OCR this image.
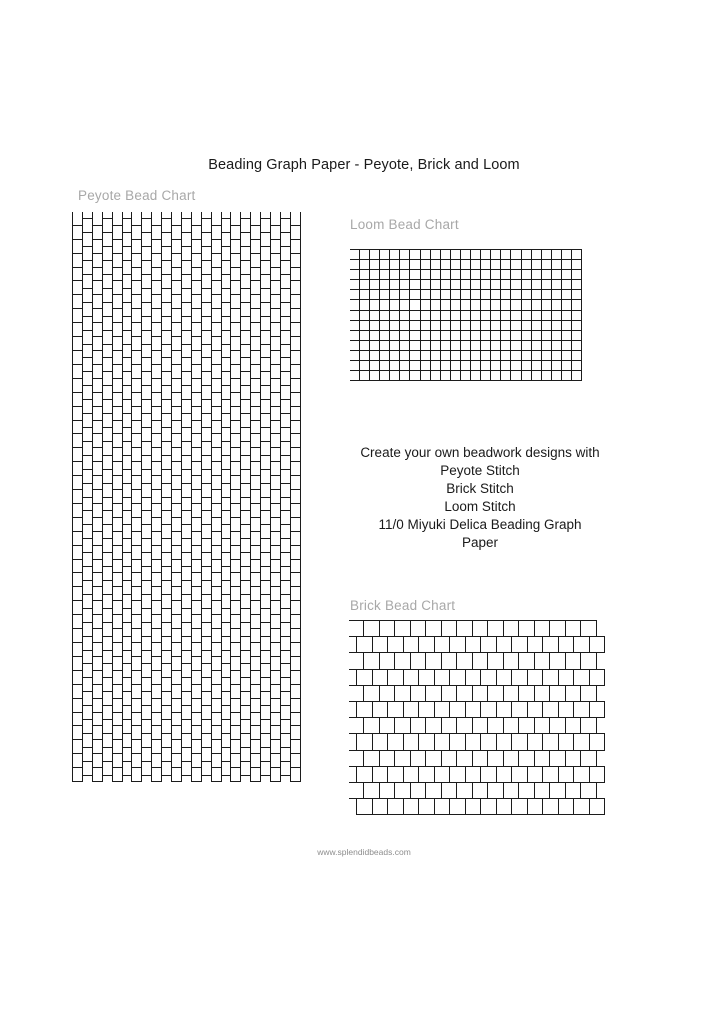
Beading Graph Paper - Peyote, Brick and Loom
Peyote Bead Chart
Loom Bead Chart
Create your own beadwork designs with
Peyote Stitch
Brick Stitch
Loom Stitch
11/0 Miyuki Delica Beading Graph
Paper
Brick Bead Chart
www.splendidbeads.com
